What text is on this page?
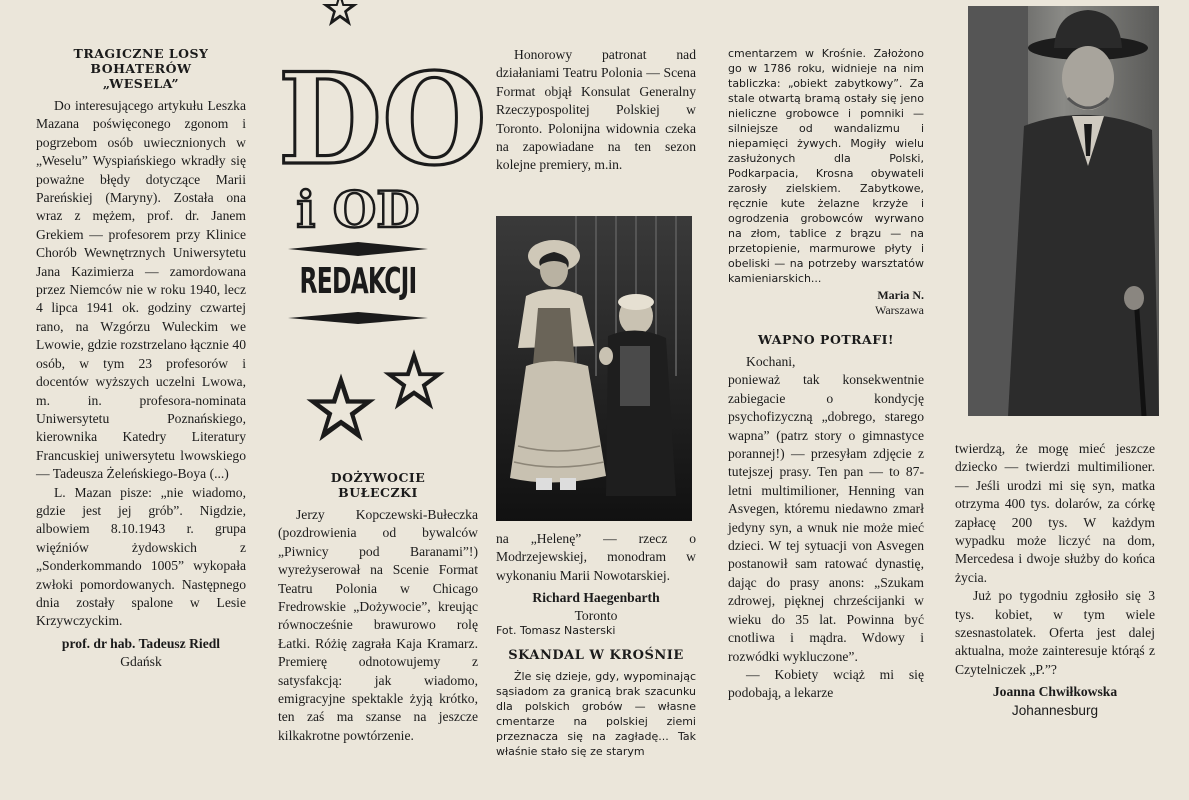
TRAGICZNE LOSY BOHATERÓW „WESELA”

Do interesującego artykułu Leszka Mazana poświęconego zgonom i pogrzebom osób uwiecznionych w „Weselu” Wyspiańskiego wkradły się poważne błędy dotyczące Marii Pareńskiej (Maryny). Została ona wraz z mężem, prof. dr. Janem Grekiem — profesorem przy Klinice Chorób Wewnętrznych Uniwersytetu Jana Kazimierza — zamordowana przez Niemców nie w roku 1940, lecz 4 lipca 1941 ok. godziny czwartej rano, na Wzgórzu Wuleckim we Lwowie, gdzie rozstrzelano łącznie 40 osób, w tym 23 profesorów i docentów wyższych uczelni Lwowa, m. in. profesora-nominata Uniwersytetu Poznańskiego, kierownika Katedry Literatury Francuskiej uniwersytetu lwowskiego — Tadeusza Żeleńskiego-Boya (...)

L. Mazan pisze: „nie wiadomo, gdzie jest jej grób”. Nigdzie, albowiem 8.10.1943 r. grupa więźniów żydowskich z „Sonderkommando 1005” wykopała zwłoki pomordowanych. Następnego dnia zostały spalone w Lesie Krzywczyckim.

prof. dr hab. Tadeusz Riedl

Gdańsk

DO
i OD
REDAKCJI
DOŻYWOCIE BUŁECZKI

Jerzy Kopczewski-Bułeczka (pozdrowienia od bywalców „Piwnicy pod Baranami”!) wyreżyserował na Scenie Format Teatru Polonia w Chicago Fredrowskie „Dożywocie”, kreując równocześnie brawurowo rolę Łatki. Różię zagrała Kaja Kramarz. Premierę odnotowujemy z satysfakcją: jak wiadomo, emigracyjne spektakle żyją krótko, ten zaś ma szanse na jeszcze kilkakrotne powtórzenie.

Honorowy patronat nad działaniami Teatru Polonia — Scena Format objął Konsulat Generalny Rzeczypospolitej Polskiej w Toronto. Polonijna widownia czeka na zapowiadane na ten sezon kolejne premiery, m.in.

na „Helenę” — rzecz o Modrzejewskiej, monodram w wykonaniu Marii Nowotarskiej.

Richard Haegenbarth

Toronto

Fot. Tomasz Nasterski

SKANDAL W KROŚNIE

Żle się dzieje, gdy, wypominając sąsiadom za granicą brak szacunku dla polskich grobów — własne cmentarze na polskiej ziemi przeznacza się na zagładę... Tak właśnie stało się ze starym

cmentarzem w Krośnie. Założono go w 1786 roku, widnieje na nim tabliczka: „obiekt zabytkowy”. Za stale otwartą bramą ostały się jeno nieliczne grobowce i pomniki — silniejsze od wandalizmu i niepamięci żywych. Mogiły wielu zasłużonych dla Polski, Podkarpacia, Krosna obywateli zarosły zielskiem. Zabytkowe, ręcznie kute żelazne krzyże i ogrodzenia grobowców wyrwano na złom, tablice z brązu — na przetopienie, marmurowe płyty i obeliski — na potrzeby warsztatów kamieniarskich...

Maria N.

Warszawa

WAPNO POTRAFI!

Kochani,

ponieważ tak konsekwentnie zabiegacie o kondycję psychofizyczną „dobrego, starego wapna” (patrz story o gimnastyce porannej!) — przesyłam zdjęcie z tutejszej prasy. Ten pan — to 87-letni multimilioner, Henning van Asvegen, któremu niedawno zmarł jedyny syn, a wnuk nie może mieć dzieci. W tej sytuacji von Asvegen postanowił sam ratować dynastię, dając do prasy anons: „Szukam zdrowej, pięknej chrześcijanki w wieku do 35 lat. Powinna być cnotliwa i mądra. Wdowy i rozwódki wykluczone”.

— Kobiety wciąż mi się podobają, a lekarze

twierdzą, że mogę mieć jeszcze dziecko — twierdzi multimilioner. — Jeśli urodzi mi się syn, matka otrzyma 400 tys. dolarów, za córkę zapłacę 200 tys. W każdym wypadku może liczyć na dom, Mercedesa i dwoje służby do końca życia.

Już po tygodniu zgłosiło się 3 tys. kobiet, w tym wiele szesnastolatek. Oferta jest dalej aktualna, może zainteresuje którąś z Czytelniczek „P.”?

Joanna Chwiłkowska

Johannesburg
